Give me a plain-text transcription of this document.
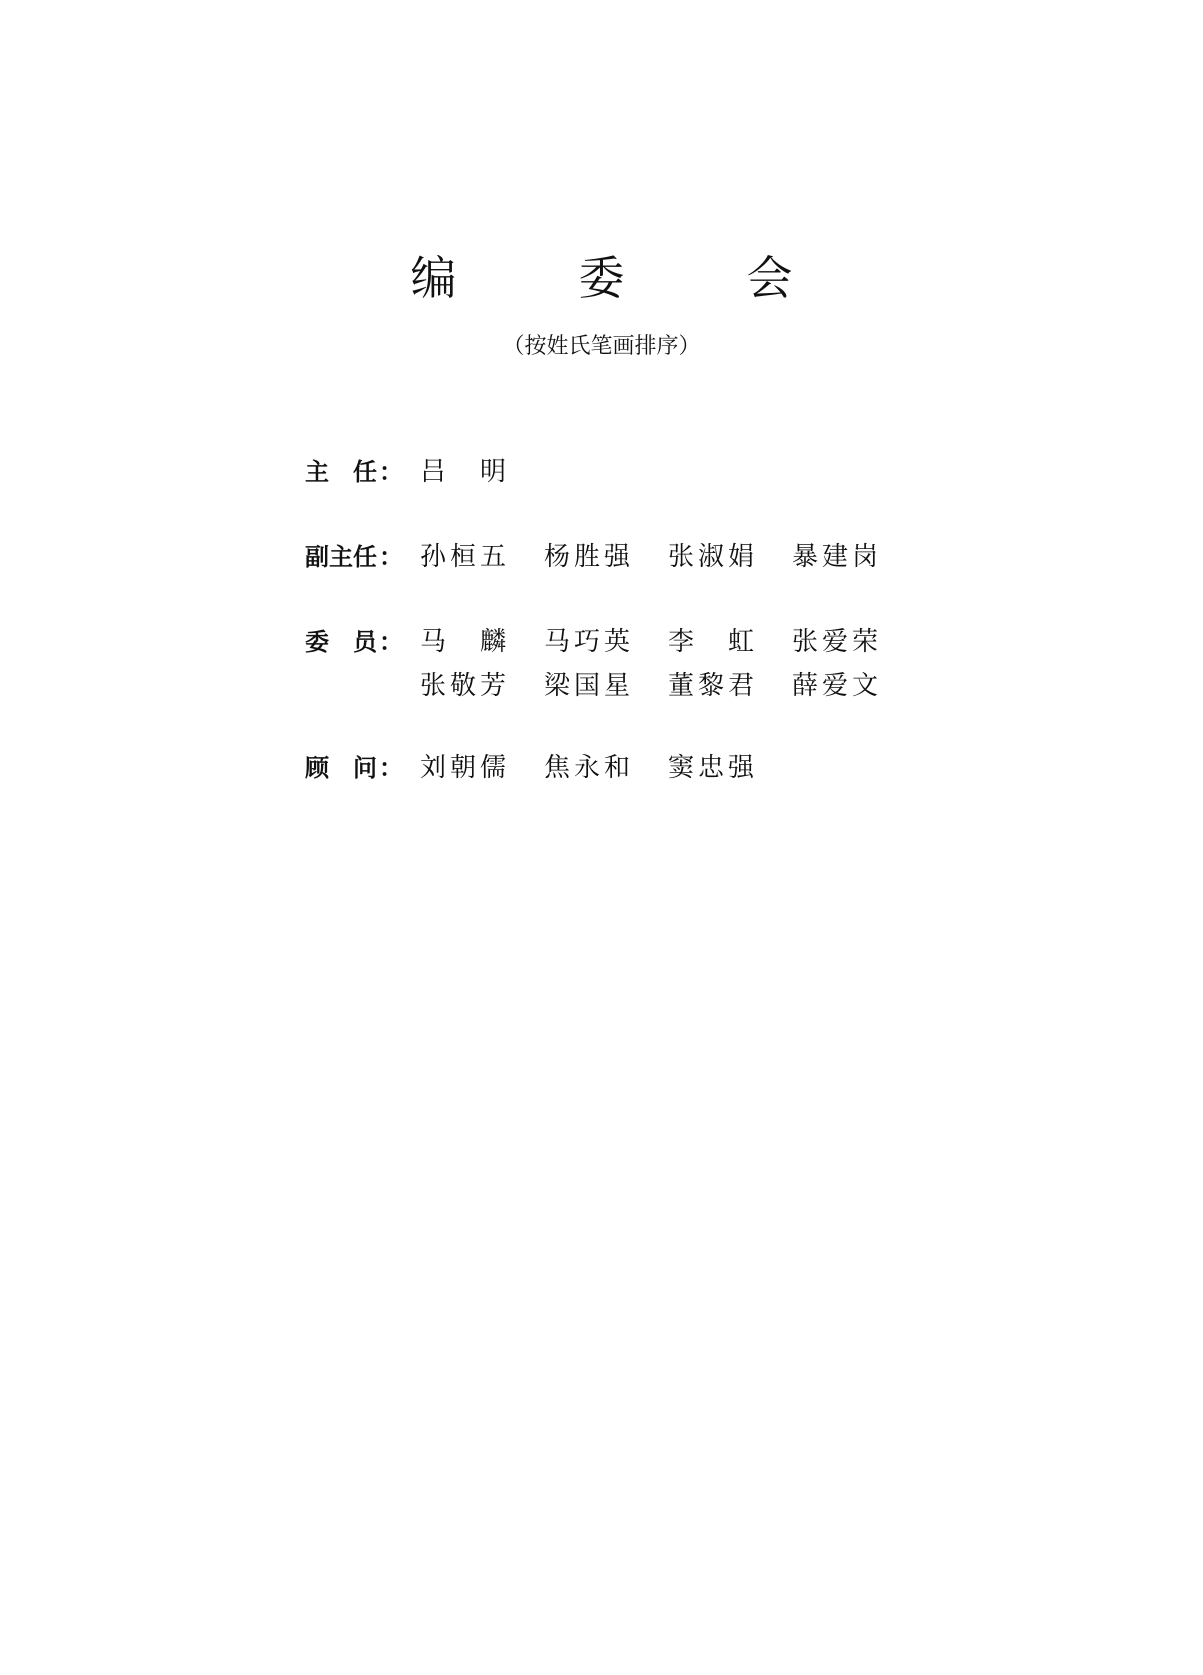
编　委　会
（按姓氏笔画排序）
主　任 ： 吕　明
副主任 ： 孙桓五	杨胜强	张淑娟	暴建岗
委　员 ： 马　麟	马巧英	李　虹	张爱荣
张敬芳	梁国星	董黎君	薛爱文
顾　问 ： 刘朝儒	焦永和	窦忠强
